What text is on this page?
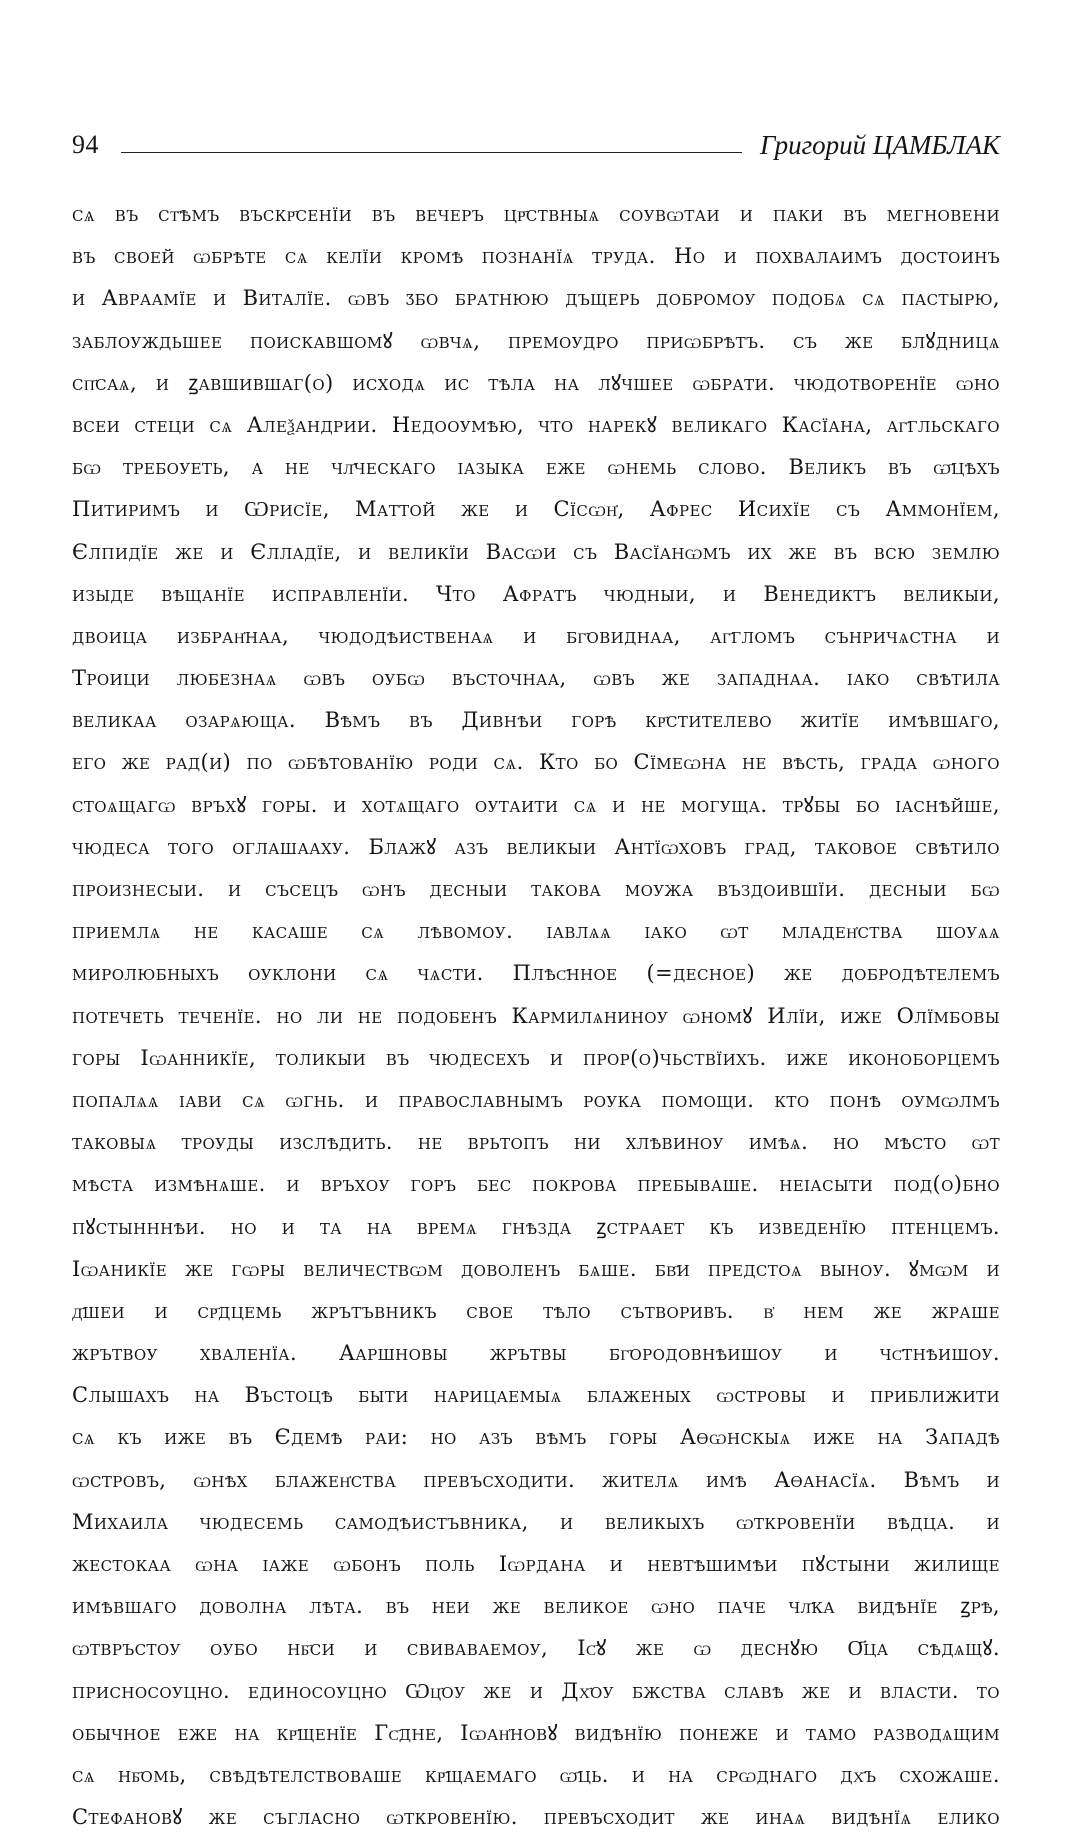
94	Григорий ЦАМБЛАК
сѧ въ ст҃ѣмъ въскр҃сенїи въ вечеръ цр҃ствныѧ соувѡтаи и паки въ мегновени
въ своей ѡбрѣте сѧ келїи кромѣ познанїѧ труда. Но и похвалаимъ достоинъ
и Авраамїе и Виталїе. ѡвъ ӡбо братнюю дъщерь добромоу подобѧ сѧ пастырю,
заблоуждьшее поискавшомꙋ ѡвчѧ, премоудро приѡбрѣтъ. съ же блꙋдницѧ
сп҃саѧ, и ꙁавшившаг(о) исходѧ ис тѣла на лꙋчшее ѡбрати. чюдотворенїе ѡно
всеи стеци сѧ Алеѯандрии. Недооумѣю, что нарекꙋ великаго Касїана, аг҃гльскаго
бѡ требоуеть, а не чл҃ческаго ıазыка еже ѡнемь слово. Великъ въ ѡ҃цѣхъ
Питиримъ и Ѡрисїе, Маттой же и Сїсѡн҆, Афрес Исихїе съ Аммонїем,
Єлпидїе же и Єлладїе, и великїи Васѡи съ Васїанѡмъ их же въ всю землю
изыде вѣщанїе исправленїи. Что Афратъ чюдныи, и Венедиктъ великыи,
двоица избран҆наа, чюдодѣиственаѧ и бг҃овиднаа, аг҃гломъ сънричѧстна и
Троици любезнаѧ ѡвъ оубѡ въсточнаа, ѡвъ же западнаа. ıако свѣтила
великаа озарѧюща. Вѣмъ въ Дивнѣи горѣ кр҃стителево житїе имѣвшаго,
его же рад(и) по ѡбѣтованїю роди сѧ. Кто бо Сїмеѡна не вѣсть, града ѡного
стоѧщагѡ връхꙋ горы. и хотѧщаго оутаити сѧ и не могуща. трꙋбы бо ıаснѣйше,
чюдеса того оглашааху. Блажꙋ азъ великыи Антїѡховъ град, таковое свѣтило
произнесыи. и съсецъ ѡнъ десныи такова моужа въздоившїи. десныи бѡ
приемлѧ не касаше сѧ лѣвомоу. ıавлѧѧ ıако ѡт младен҆ства шоуѧѧ
миролюбныхъ оуклони сѧ чѧсти. Плѣс҃нное (=десное) же добродѣтелемъ
потечеть теченїе. но ли не подобенъ Кармилѧниноу ѡномꙋ Илїи, иже Олїмбовы
горы Іѡанникїе, толикыи въ чюдесехъ и прор(о)чьствїихъ. иже иконоборцемъ
попалѧѧ ıави сѧ ѡгнь. и православнымъ роука помощи. кто понѣ оумѡлмъ
таковыѧ троуды изслѣдить. не врьтопъ ни хлѣвиноу имѣѧ. но мѣсто ѡт
мѣста измѣнѧше. и връхоу горъ бес покрова пребываше. неıасыти под(о)бно
пꙋстынннѣи. но и та на времѧ гнѣзда ꙁстраает къ изведенїю птенцемъ.
Іѡаникїе же гѡры величествѡм доволенъ бѧше. бв҃и предстоѧ выноу. ꙋмѡм и
д҃шеи и ср҃дцемь жрътъвникъ свое тѣло сътворивъ. в҆ нем же жраше
жрътвоу хваленїа. Ааршновы жрътвы бг҃ородовнѣишоу и чс҃тнѣишоу.
Слышахъ на Въстоцѣ быти нарицаемыѧ блаженых ѡстровы и приближити
сѧ къ иже въ Єдемѣ раи: но азъ вѣмъ горы Аѳѡнскыѧ иже на Западѣ
ѡстровъ, ѡнѣх блажен҆ства превъсходити. жителѧ имѣ Аѳанасїѧ. Вѣмъ и
Михаила чюдесемь самодѣистъвника, и великыхъ ѡткровенїи вѣдца. и
жестокаа ѡна ıаже ѡбонъ поль Іѡрдана и невтѣшимѣи пꙋстыни жилище
имѣвшаго доволна лѣта. въ неи же великое ѡно паче чл҃ка видѣнїе ꙁрѣ,
ѡтвръстоу оубо нб҃си и свиваваемоу, Іс҃ꙋ же ѡ деснꙋю О҃ца сѣдѧщꙋ.
присносоуцно. единосоуцно Ѡц҃оу же и Дх҃оу бжства славѣ же и власти. то
обычное еже на кр҃щенїе Гс҃дне, Іѡан҆новꙋ видѣнїю понеже и тамо разводѧщим
сѧ нб҃омь, свѣдѣтелствоваше кр҃щаемаго ѡ҃ць. и на срѡднаго дх҃ъ схожаше.
Стефановꙋ же съгласно ѡткровенїю. превъсходит же инаѧ видѣнїѧ елико
